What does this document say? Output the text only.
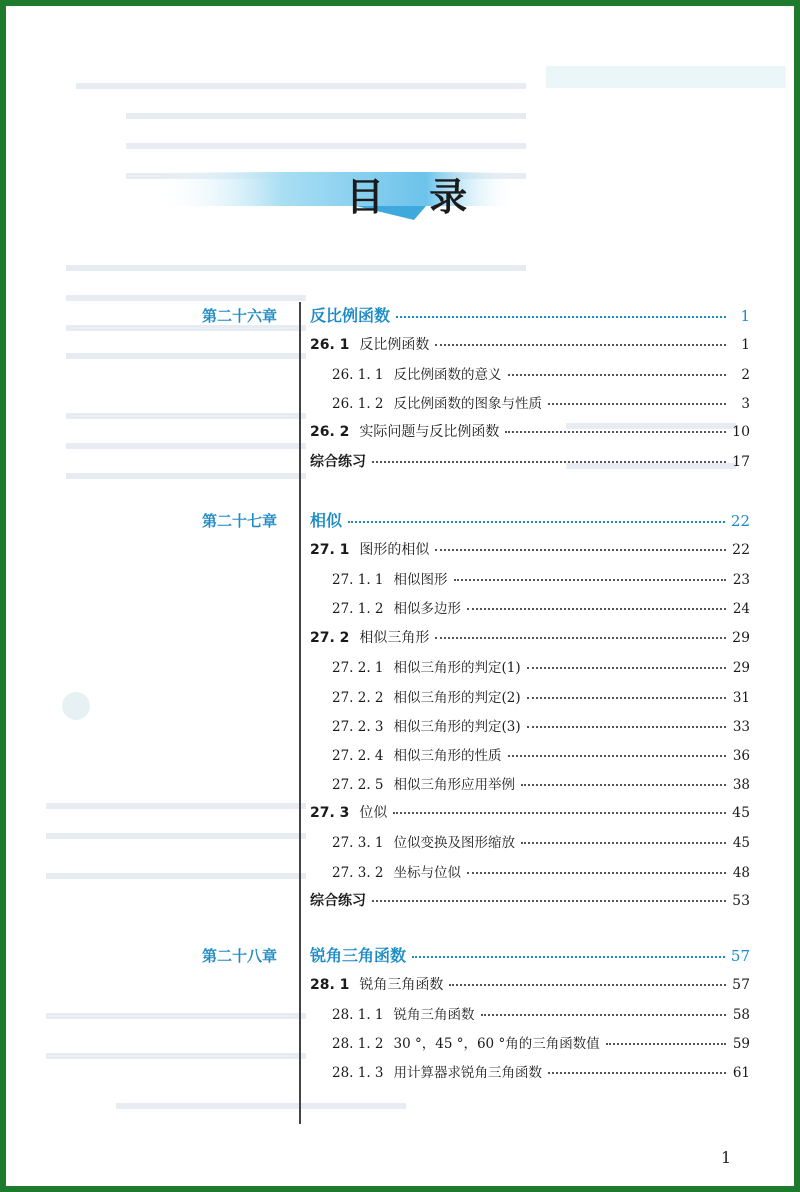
目 录
第二十六章 反比例函数	1
26. 1 反比例函数	1
26. 1. 1 反比例函数的意义	2
26. 1. 2 反比例函数的图象与性质	3
26. 2 实际问题与反比例函数	10
综合练习	17
第二十七章 相似	22
27. 1 图形的相似	22
27. 1. 1 相似图形	23
27. 1. 2 相似多边形	24
27. 2 相似三角形	29
27. 2. 1 相似三角形的判定(1)	29
27. 2. 2 相似三角形的判定(2)	31
27. 2. 3 相似三角形的判定(3)	33
27. 2. 4 相似三角形的性质	36
27. 2. 5 相似三角形应用举例	38
27. 3 位似	45
27. 3. 1 位似变换及图形缩放	45
27. 3. 2 坐标与位似	48
综合练习	53
第二十八章 锐角三角函数	57
28. 1 锐角三角函数	57
28. 1. 1 锐角三角函数	58
28. 1. 2 30 °，45 °，60 °角的三角函数值	59
28. 1. 3 用计算器求锐角三角函数	61
1
